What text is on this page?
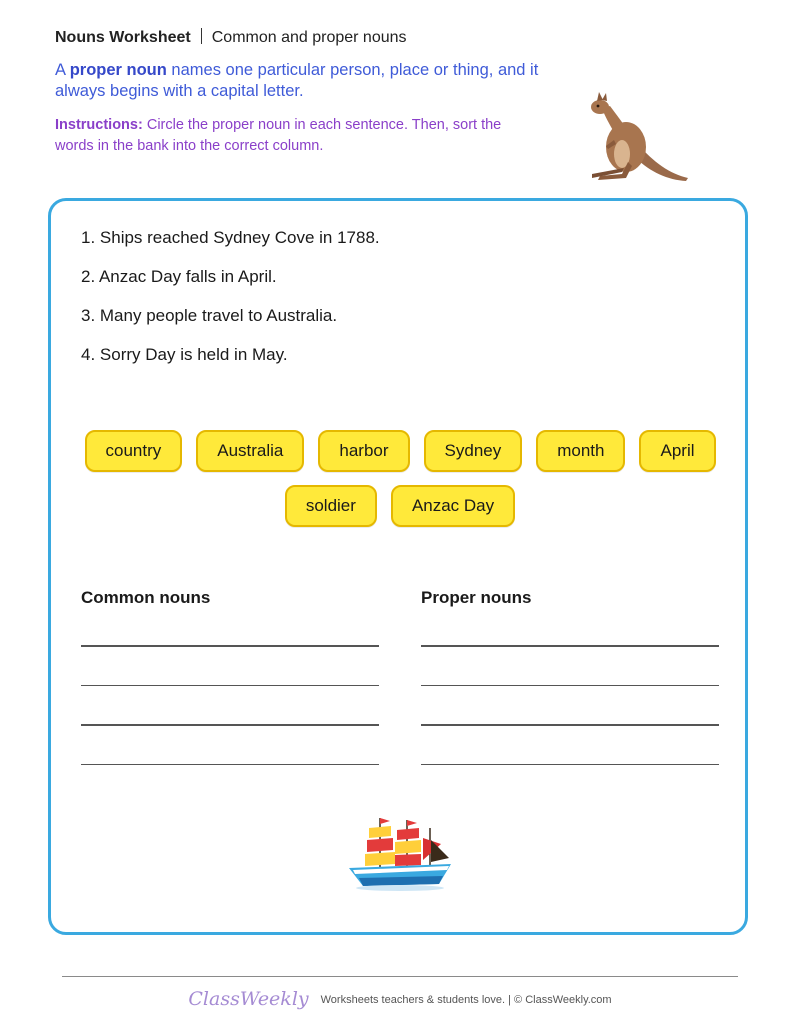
Nouns Worksheet Common and proper nouns
A proper noun names one particular person, place or thing, and it always begins with a capital letter.
Instructions: Circle the proper noun in each sentence. Then, sort the words in the bank into the correct column.
1. Ships reached Sydney Cove in 1788.
2. Anzac Day falls in April.
3. Many people travel to Australia.
4. Sorry Day is held in May.
country	Australia	harbor	Sydney	month	April
soldier	Anzac Day
Common nouns	Proper nouns
ClassWeekly Worksheets teachers & students love. | © ClassWeekly.com
